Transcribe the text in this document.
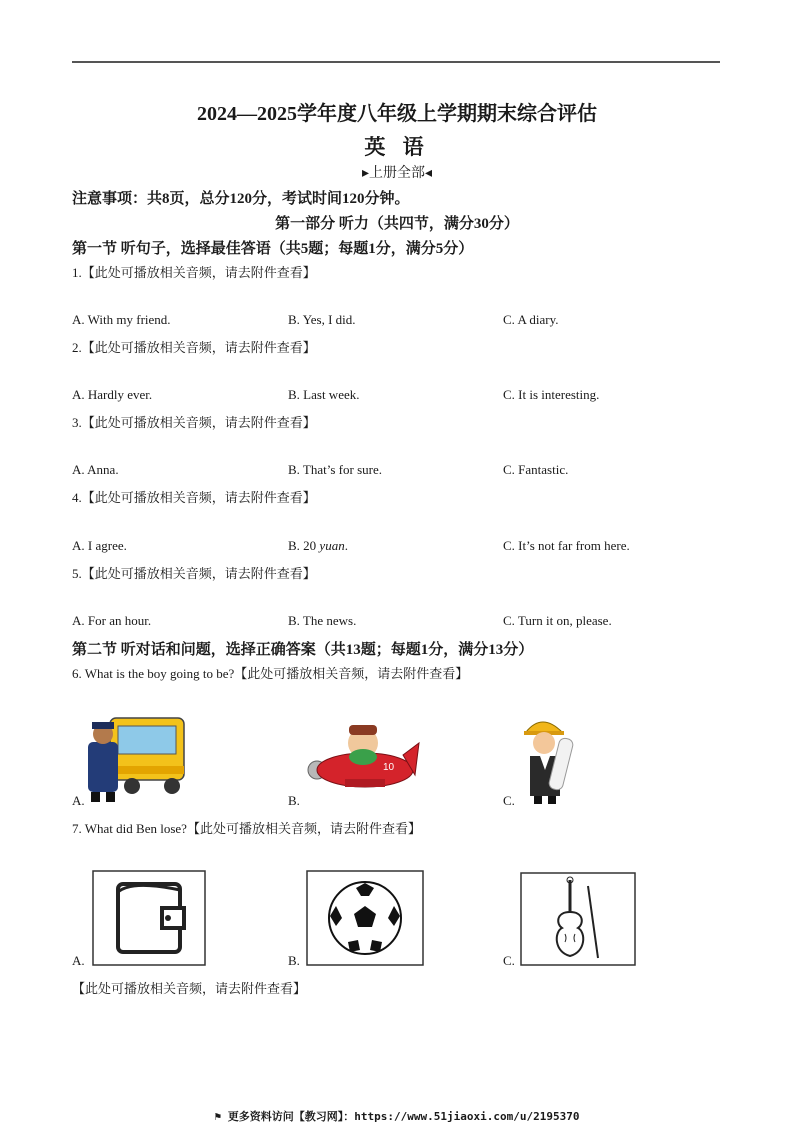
2024—2025学年度八年级上学期期末综合评估
英 语
▸上册全部◂
注意事项：共8页，总分120分，考试时间120分钟。
第一部分 听力（共四节，满分30分）
第一节 听句子，选择最佳答语（共5题；每题1分，满分5分）
1.【此处可播放相关音频，请去附件查看】
A. With my friend.	B. Yes, I did.	C. A diary.
2.【此处可播放相关音频，请去附件查看】
A. Hardly ever.	B. Last week.	C. It is interesting.
3.【此处可播放相关音频，请去附件查看】
A. Anna.	B. That’s for sure.	C. Fantastic.
4.【此处可播放相关音频，请去附件查看】
A. I agree.	B. 20 yuan.	C. It’s not far from here.
5.【此处可播放相关音频，请去附件查看】
A. For an hour.	B. The news.	C. Turn it on, please.
第二节 听对话和问题，选择正确答案（共13题；每题1分，满分13分）
6. What is the boy going to be?【此处可播放相关音频，请去附件查看】
A.
10
B.	C.
7. What did Ben lose?【此处可播放相关音频，请去附件查看】
A.	B.	C.
【此处可播放相关音频，请去附件查看】
⚑ 更多资料访问【教习网】：https://www.51jiaoxi.com/u/2195370
